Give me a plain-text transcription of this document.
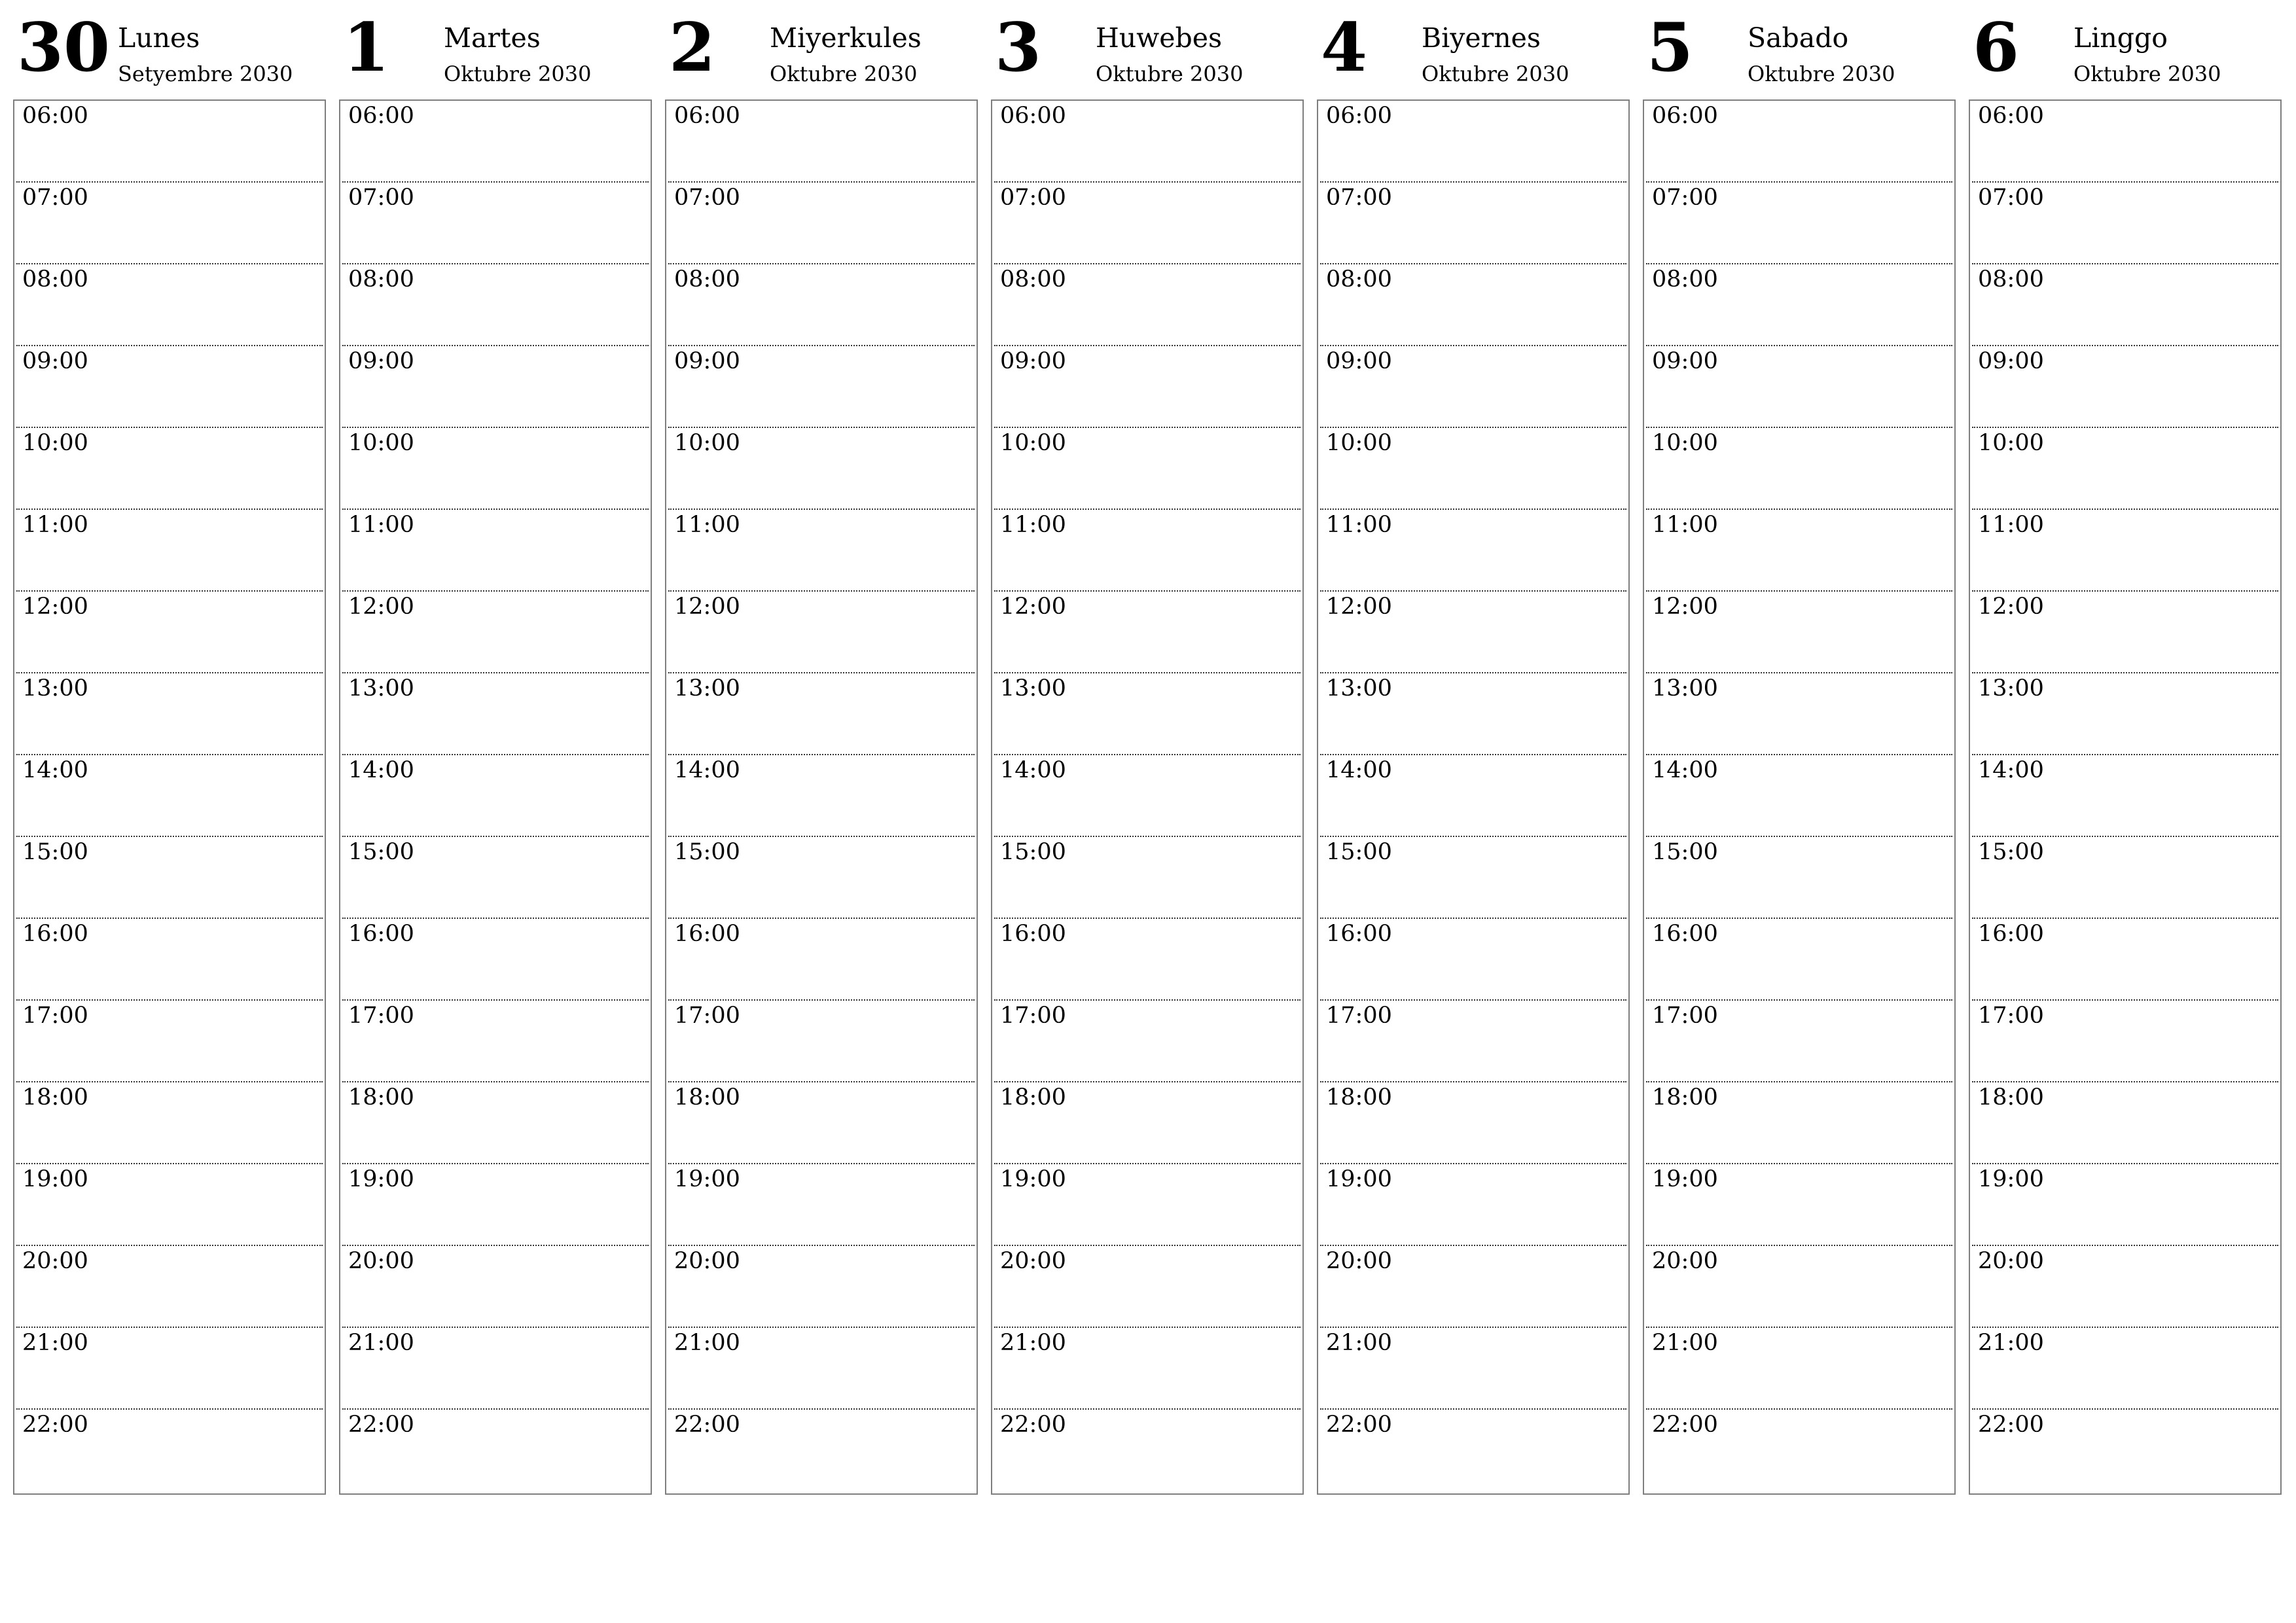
30 Lunes
Setyembre 2030
06:00
07:00
08:00
09:00
10:00
11:00
12:00
13:00
14:00
15:00
16:00
17:00
18:00
19:00
20:00
21:00
22:00
1 Martes
Oktubre 2030
06:00
07:00
08:00
09:00
10:00
11:00
12:00
13:00
14:00
15:00
16:00
17:00
18:00
19:00
20:00
21:00
22:00
2 Miyerkules
Oktubre 2030
06:00
07:00
08:00
09:00
10:00
11:00
12:00
13:00
14:00
15:00
16:00
17:00
18:00
19:00
20:00
21:00
22:00
3 Huwebes
Oktubre 2030
06:00
07:00
08:00
09:00
10:00
11:00
12:00
13:00
14:00
15:00
16:00
17:00
18:00
19:00
20:00
21:00
22:00
4 Biyernes
Oktubre 2030
06:00
07:00
08:00
09:00
10:00
11:00
12:00
13:00
14:00
15:00
16:00
17:00
18:00
19:00
20:00
21:00
22:00
5 Sabado
Oktubre 2030
06:00
07:00
08:00
09:00
10:00
11:00
12:00
13:00
14:00
15:00
16:00
17:00
18:00
19:00
20:00
21:00
22:00
6 Linggo
Oktubre 2030
06:00
07:00
08:00
09:00
10:00
11:00
12:00
13:00
14:00
15:00
16:00
17:00
18:00
19:00
20:00
21:00
22:00
